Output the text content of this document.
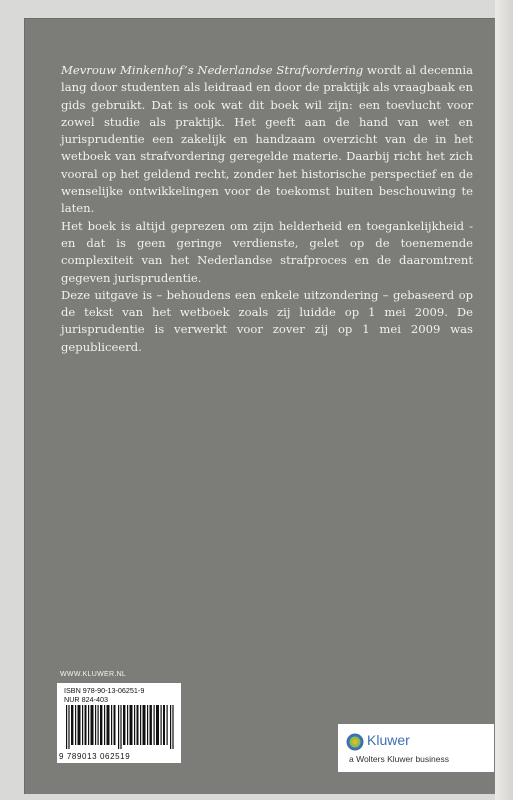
Mevrouw Minkenhof’s Nederlandse Strafvordering wordt al decennia lang door studenten als leidraad en door de praktijk als vraagbaak en gids gebruikt. Dat is ook wat dit boek wil zijn: een toevlucht voor zowel studie als praktijk. Het geeft aan de hand van wet en jurisprudentie een zakelijk en handzaam overzicht van de in het wetboek van strafvordering geregelde materie. Daarbij richt het zich vooral op het geldend recht, zonder het historische perspectief en de wenselijke ontwikkelingen voor de toekomst buiten beschouwing te laten.

Het boek is altijd geprezen om zijn helderheid en toegankelijkheid - en dat is geen geringe verdienste, gelet op de toenemende complexiteit van het Nederlandse strafproces en de daaromtrent gegeven jurisprudentie.

Deze uitgave is – behoudens een enkele uitzondering – gebaseerd op de tekst van het wetboek zoals zij luidde op 1 mei 2009. De jurisprudentie is verwerkt voor zover zij op 1 mei 2009 was gepubliceerd.

WWW.KLUWER.NL
ISBN 978-90-13-06251-9
NUR 824-403
9 789013 062519
Kluwer
a Wolters Kluwer business
